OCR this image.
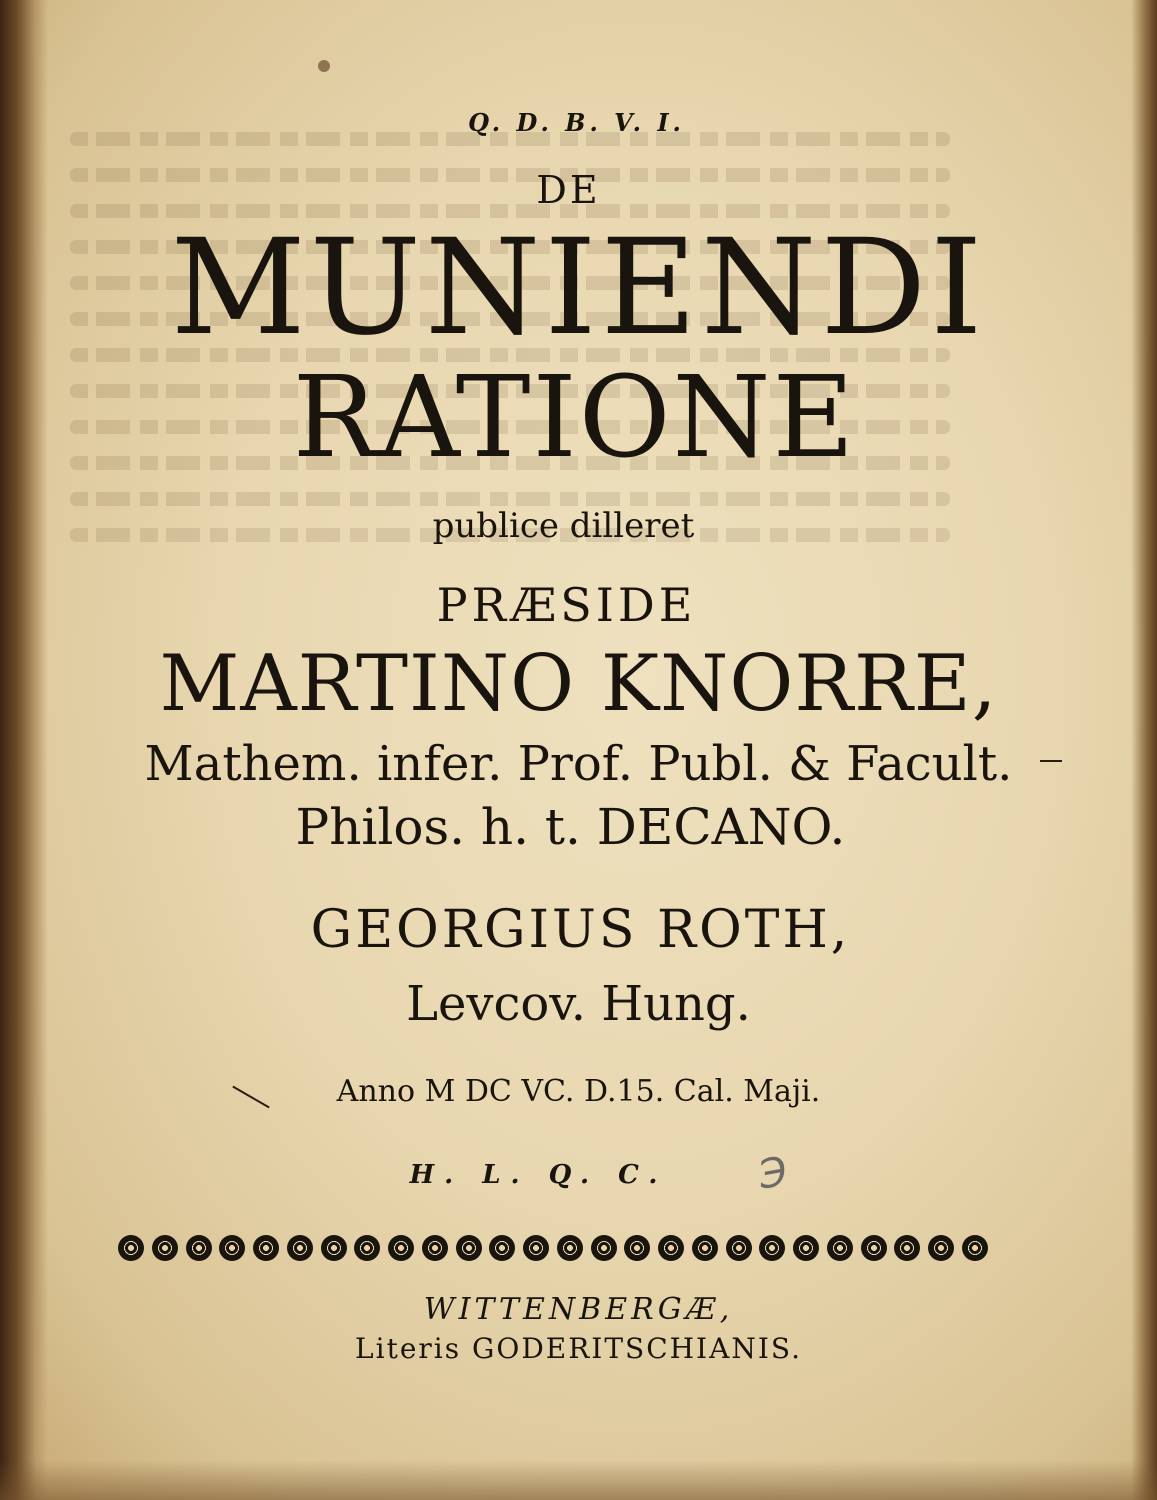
Q. D. B. V. I.
DE
MUNIENDI
RATIONE
publice dilleret
PRÆSIDE
MARTINO KNORRE,
Mathem. infer. Prof. Publ. & Facult.
Philos. h. t. DECANO.
GEORGIUS ROTH,
Levcov. Hung.
Anno M DC VC. D.15. Cal. Maji.
H. L. Q. C.	℈
WITTENBERGÆ,
Literis GODERITSCHIANIS.
